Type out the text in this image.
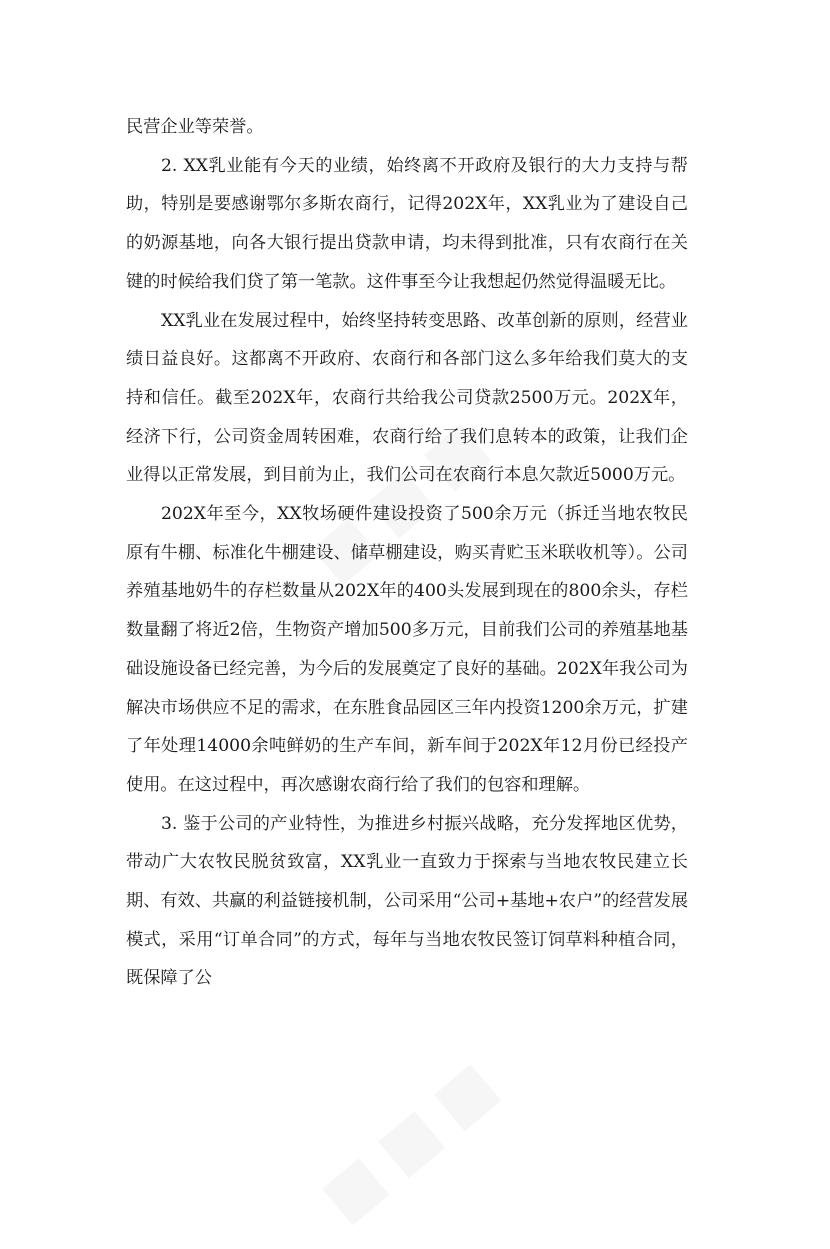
民营企业等荣誉。

2. XX乳业能有今天的业绩，始终离不开政府及银行的大力支持与帮助，特别是要感谢鄂尔多斯农商行，记得202X年，XX乳业为了建设自己的奶源基地，向各大银行提出贷款申请，均未得到批准，只有农商行在关键的时候给我们贷了第一笔款。这件事至今让我想起仍然觉得温暖无比。

XX乳业在发展过程中，始终坚持转变思路、改革创新的原则，经营业绩日益良好。这都离不开政府、农商行和各部门这么多年给我们莫大的支持和信任。截至202X年，农商行共给我公司贷款2500万元。202X年，经济下行，公司资金周转困难，农商行给了我们息转本的政策，让我们企业得以正常发展，到目前为止，我们公司在农商行本息欠款近5000万元。

202X年至今，XX牧场硬件建设投资了500余万元（拆迁当地农牧民原有牛棚、标准化牛棚建设、储草棚建设，购买青贮玉米联收机等）。公司养殖基地奶牛的存栏数量从202X年的400头发展到现在的800余头，存栏数量翻了将近2倍，生物资产增加500多万元，目前我们公司的养殖基地基础设施设备已经完善，为今后的发展奠定了良好的基础。202X年我公司为解决市场供应不足的需求，在东胜食品园区三年内投资1200余万元，扩建了年处理14000余吨鲜奶的生产车间，新车间于202X年12月份已经投产使用。在这过程中，再次感谢农商行给了我们的包容和理解。

3. 鉴于公司的产业特性，为推进乡村振兴战略，充分发挥地区优势，带动广大农牧民脱贫致富，XX乳业一直致力于探索与当地农牧民建立长期、有效、共赢的利益链接机制，公司采用“公司+基地+农户”的经营发展模式，采用“订单合同”的方式，每年与当地农牧民签订饲草料种植合同，既保障了公
